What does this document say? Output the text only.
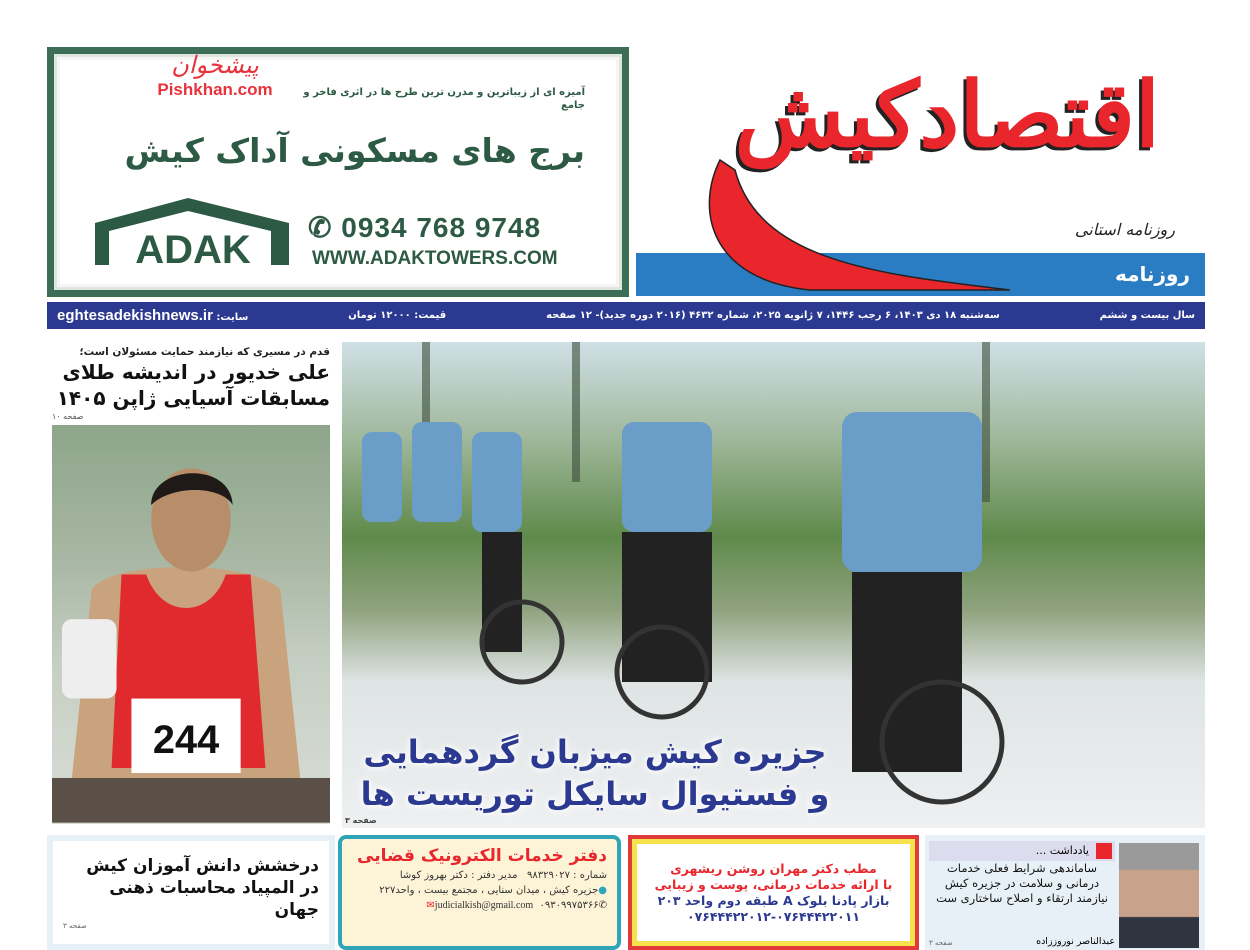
پیشخوان
Pishkhan.com	آمیزه ای از زیباترین و مدرن ترین طرح ها در اثری فاخر و جامع
برج های مسکونی آداک کیش
ADAK
✆ 0934 768 9748
WWW.ADAKTOWERS.COM
روزنامه
اقتصادکیش
روزنامه استانی
سال بیست و ششم
سه‌شنبه ۱۸ دی ۱۴۰۳، ۶ رجب ۱۴۴۶، ۷ ژانویه ۲۰۲۵، شماره ۴۶۳۲ (۲۰۱۶ دوره جدید)- ۱۲ صفحه
قیمت: ۱۲۰۰۰ تومان
سایت: eghtesadekishnews.ir
قدم در مسیری که نیازمند حمایت مسئولان است؛
علی خدیور در اندیشه طلای
مسابقات آسیایی ژاپن ۱۴۰۵
صفحه ۱۰
244	جزیره کیش میزبان گردهمایی
و فستیوال سایکل توریست ها
صفحه ۳
درخشش دانش آموزان کیش
در المپیاد محاسبات ذهنی جهان
صفحه ۳
دفتر خدمات الکترونیک قضایی
شماره : ۹۸۳۲۹۰۲۷   مدیر دفتر : دکتر بهروز کوشا
●جزیره کیش ، میدان سنایی ، مجتمع بیست ، واحد۲۲۷
✆۰۹۳۰۹۹۷۵۳۶۶  judicialkish@gmail.com✉
مطب دکتر مهران روشن ریشهری
با ارائه خدمات درمانی، پوست و زیبایی
بازار پادنا بلوک A طبقه دوم واحد ۲۰۳
۰۷۶۴۴۴۲۲۰۱۲-۰۷۶۴۴۴۲۲۰۱۱
یادداشت ...
ساماندهی شرایط فعلی خدمات
درمانی و سلامت در جزیره کیش
نیازمند ارتقاء و اصلاح ساختاری ست
عبدالناصر نوروززاده
صفحه ۳
